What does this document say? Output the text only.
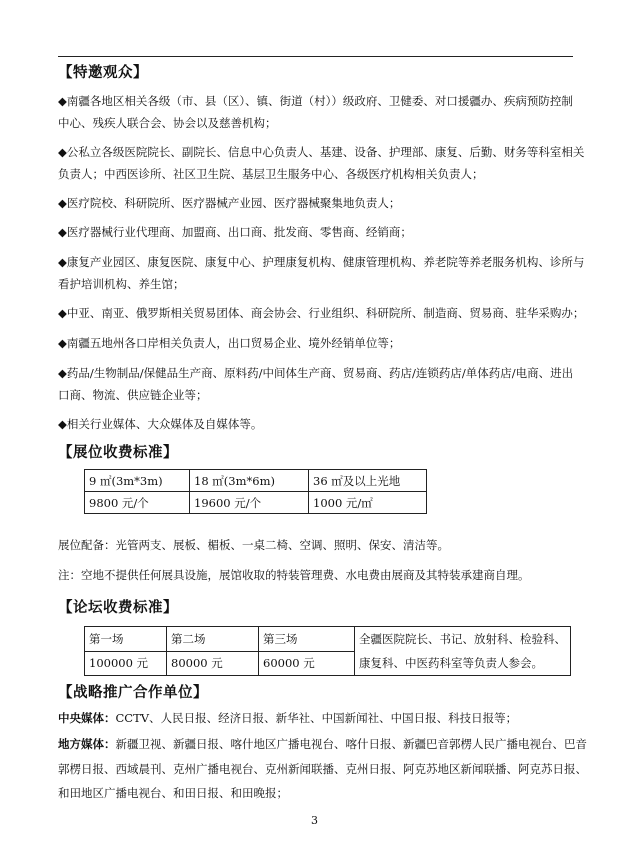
【特邀观众】
◆南疆各地区相关各级（市、县（区）、镇、街道（村））级政府、卫健委、对口援疆办、疾病预防控制
中心、残疾人联合会、协会以及慈善机构；
◆公私立各级医院院长、副院长、信息中心负责人、基建、设备、护理部、康复、后勤、财务等科室相关
负责人；中西医诊所、社区卫生院、基层卫生服务中心、各级医疗机构相关负责人；
◆医疗院校、科研院所、医疗器械产业园、医疗器械聚集地负责人；
◆医疗器械行业代理商、加盟商、出口商、批发商、零售商、经销商；
◆康复产业园区、康复医院、康复中心、护理康复机构、健康管理机构、养老院等养老服务机构、诊所与
看护培训机构、养生馆；
◆中亚、南亚、俄罗斯相关贸易团体、商会协会、行业组织、科研院所、制造商、贸易商、驻华采购办；
◆南疆五地州各口岸相关负责人，出口贸易企业、境外经销单位等；
◆药品/生物制品/保健品生产商、原料药/中间体生产商、贸易商、药店/连锁药店/单体药店/电商、进出
口商、物流、供应链企业等；
◆相关行业媒体、大众媒体及自媒体等。
【展位收费标准】
9 ㎡(3m*3m)	18 ㎡(3m*6m)	36 ㎡及以上光地
9800 元/个	19600 元/个	1000 元/㎡
展位配备：光管两支、展板、楣板、一桌二椅、空调、照明、保安、清洁等。
注：空地不提供任何展具设施，展馆收取的特装管理费、水电费由展商及其特装承建商自理。
【论坛收费标准】
第一场	第二场	第三场	全疆医院院长、书记、放射科、检验科、
康复科、中医药科室等负责人参会。

100000 元	80000 元	60000 元	
【战略推广合作单位】
中央媒体：CCTV、人民日报、经济日报、新华社、中国新闻社、中国日报、科技日报等；
地方媒体：新疆卫视、新疆日报、喀什地区广播电视台、喀什日报、新疆巴音郭楞人民广播电视台、巴音
郭楞日报、西域晨刊、克州广播电视台、克州新闻联播、克州日报、阿克苏地区新闻联播、阿克苏日报、
和田地区广播电视台、和田日报、和田晚报；
3
